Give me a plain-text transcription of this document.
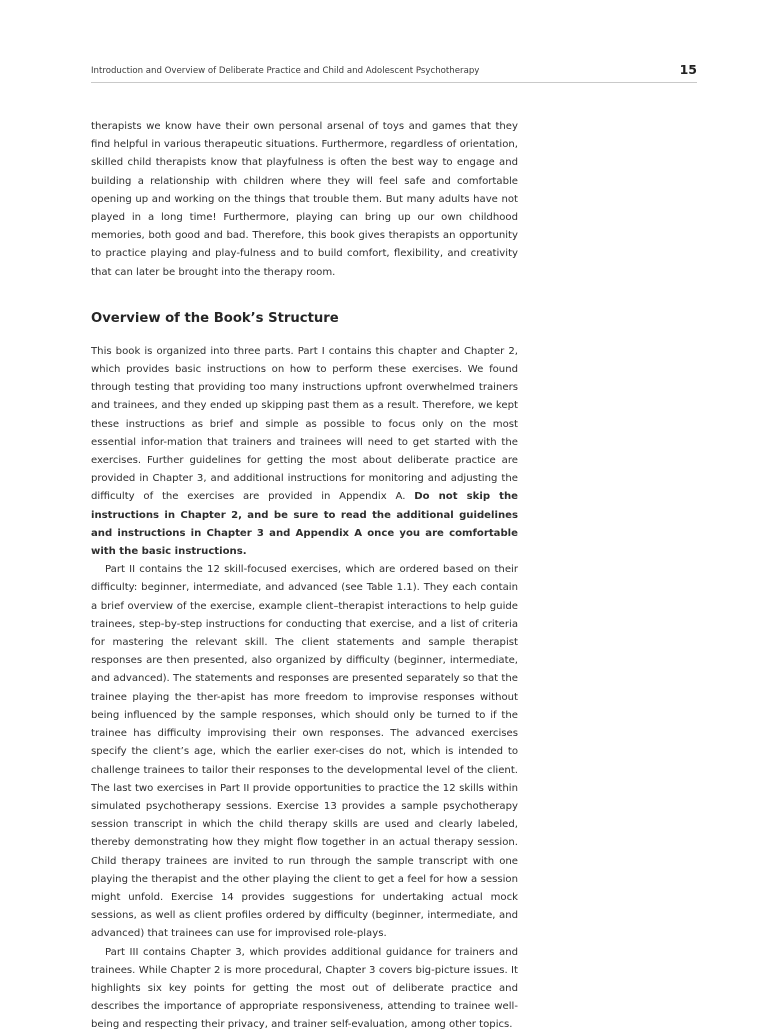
Introduction and Overview of Deliberate Practice and Child and Adolescent Psychotherapy	15

therapists we know have their own personal arsenal of toys and games that they find helpful in various therapeutic situations. Furthermore, regardless of orientation, skilled child therapists know that playfulness is often the best way to engage and building a relationship with children where they will feel safe and comfortable opening up and working on the things that trouble them. But many adults have not played in a long time! Furthermore, playing can bring up our own childhood memories, both good and bad. Therefore, this book gives therapists an opportunity to practice playing and play-fulness and to build comfort, flexibility, and creativity that can later be brought into the therapy room.

Overview of the Book’s Structure

This book is organized into three parts. Part I contains this chapter and Chapter 2, which provides basic instructions on how to perform these exercises. We found through testing that providing too many instructions upfront overwhelmed trainers and trainees, and they ended up skipping past them as a result. Therefore, we kept these instructions as brief and simple as possible to focus only on the most essential infor-mation that trainers and trainees will need to get started with the exercises. Further guidelines for getting the most about deliberate practice are provided in Chapter 3, and additional instructions for monitoring and adjusting the difficulty of the exercises are provided in Appendix A. Do not skip the instructions in Chapter 2, and be sure to read the additional guidelines and instructions in Chapter 3 and Appendix A once you are comfortable with the basic instructions.

Part II contains the 12 skill-focused exercises, which are ordered based on their difficulty: beginner, intermediate, and advanced (see Table 1.1). They each contain a brief overview of the exercise, example client–therapist interactions to help guide trainees, step-by-step instructions for conducting that exercise, and a list of criteria for mastering the relevant skill. The client statements and sample therapist responses are then presented, also organized by difficulty (beginner, intermediate, and advanced). The statements and responses are presented separately so that the trainee playing the ther-apist has more freedom to improvise responses without being influenced by the sample responses, which should only be turned to if the trainee has difficulty improvising their own responses. The advanced exercises specify the client’s age, which the earlier exer-cises do not, which is intended to challenge trainees to tailor their responses to the developmental level of the client. The last two exercises in Part II provide opportunities to practice the 12 skills within simulated psychotherapy sessions. Exercise 13 provides a sample psychotherapy session transcript in which the child therapy skills are used and clearly labeled, thereby demonstrating how they might flow together in an actual therapy session. Child therapy trainees are invited to run through the sample transcript with one playing the therapist and the other playing the client to get a feel for how a session might unfold. Exercise 14 provides suggestions for undertaking actual mock sessions, as well as client profiles ordered by difficulty (beginner, intermediate, and advanced) that trainees can use for improvised role-plays.

Part III contains Chapter 3, which provides additional guidance for trainers and trainees. While Chapter 2 is more procedural, Chapter 3 covers big-picture issues. It highlights six key points for getting the most out of deliberate practice and describes the importance of appropriate responsiveness, attending to trainee well-being and respecting their privacy, and trainer self-evaluation, among other topics.
